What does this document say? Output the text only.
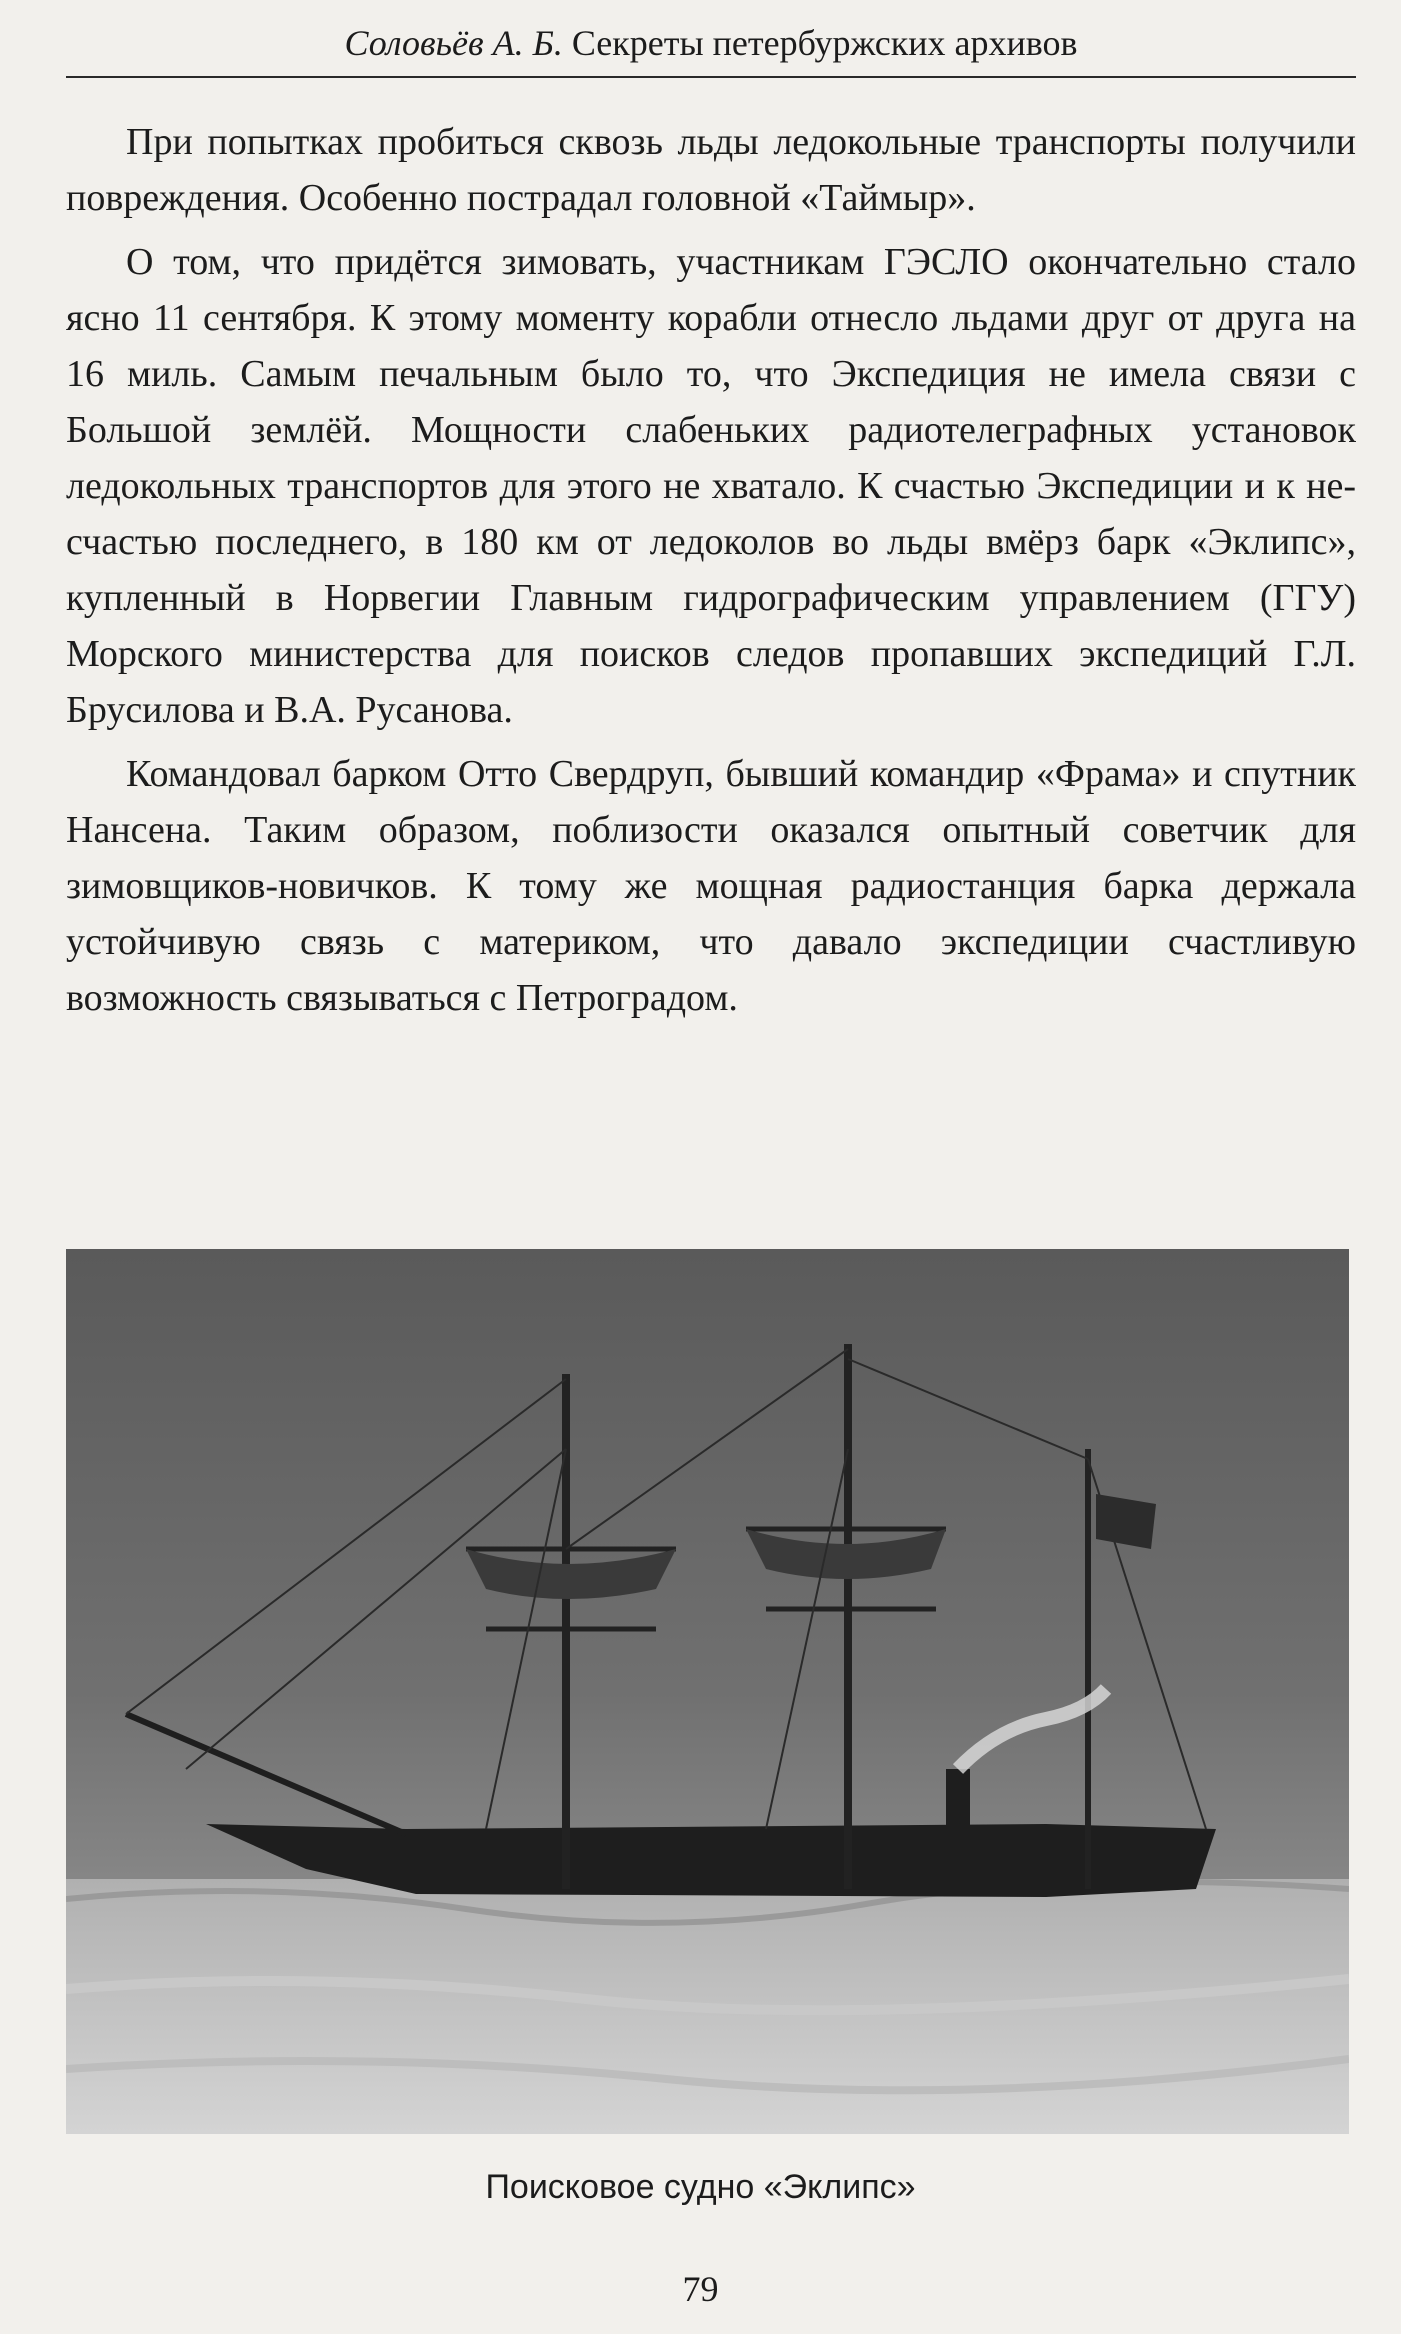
Соловьёв А. Б. Секреты петербуржских архивов

При попытках пробиться сквозь льды ледокольные транспорты получили повреждения. Особенно пострадал головной «Таймыр».

О том, что придётся зимовать, участникам ГЭСЛО окончательно стало ясно 11 сентября. К этому моменту корабли отнесло льдами друг от друга на 16 миль. Самым печальным было то, что Экспедиция не имела связи с Большой землёй. Мощности слабеньких радиотелеграфных установок ледокольных транспортов для этого не хватало. К счастью Экспедиции и к несчастью последнего, в 180 км от ледоколов во льды вмёрз барк «Эклипс», купленный в Норвегии Главным гидрографическим управлением (ГГУ) Морского министерства для поисков следов пропавших экспедиций Г.Л. Брусилова и В.А. Русанова.

Командовал барком Отто Свердруп, бывший командир «Фрама» и спутник Нансена. Таким образом, поблизости оказался опытный советчик для зимовщиков-новичков. К тому же мощная радиостанция барка держала устойчивую связь с материком, что давало экспедиции счастливую возможность связываться с Петроградом.

Поисковое судно «Эклипс»
79
